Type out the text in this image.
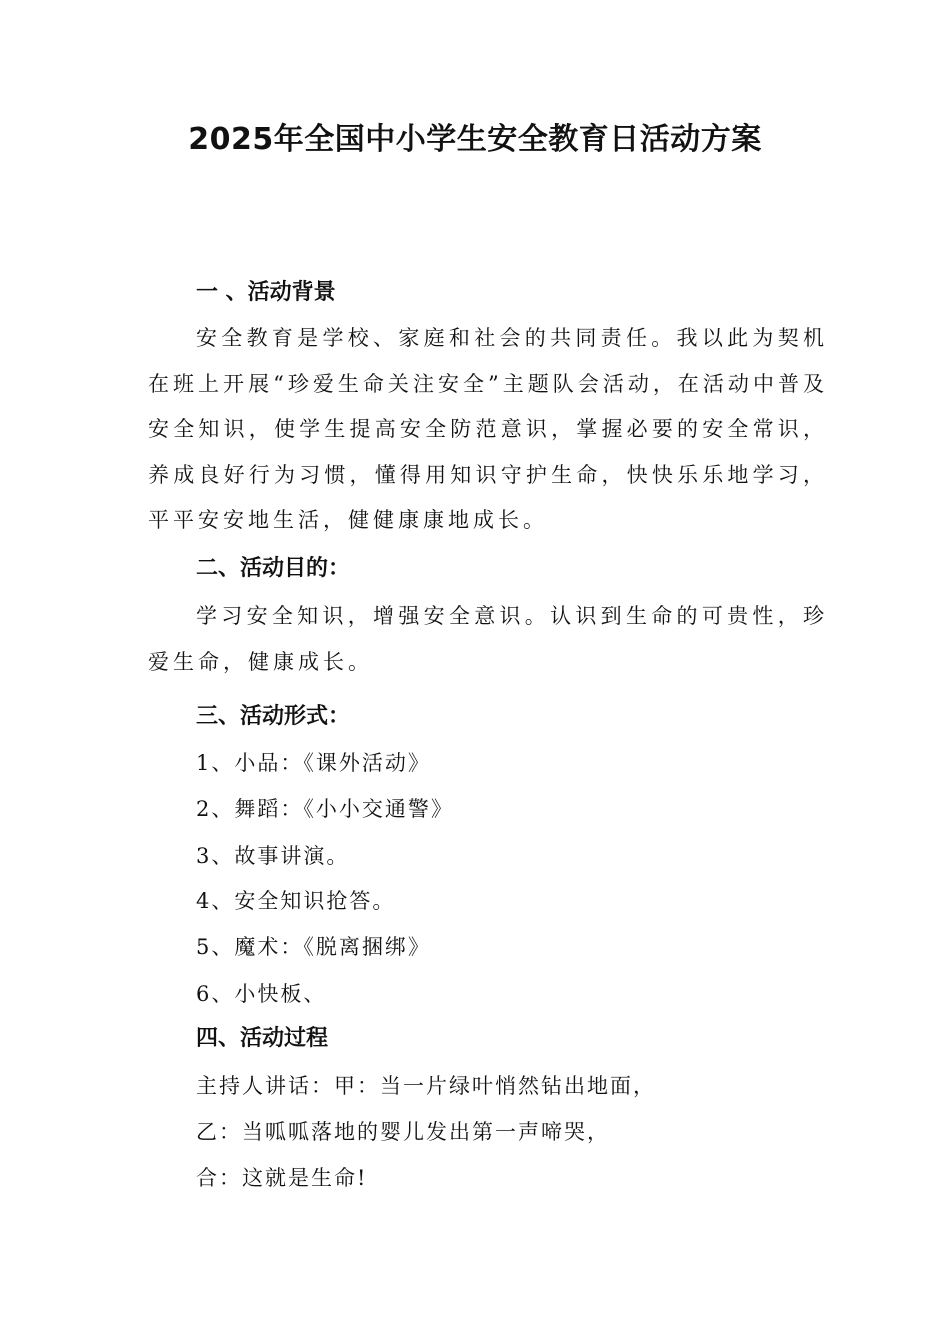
2025年全国中小学生安全教育日活动方案
一 、活动背景
安全教育是学校、家庭和社会的共同责任。我以此为契机在班上开展“珍爱生命关注安全”主题队会活动，在活动中普及安全知识，使学生提高安全防范意识，掌握必要的安全常识，养成良好行为习惯，懂得用知识守护生命，快快乐乐地学习，平平安安地生活，健健康康地成长。
二、活动目的：
学习安全知识，增强安全意识。认识到生命的可贵性，珍爱生命，健康成长。
三、活动形式：
1、小品：《课外活动》
2、舞蹈：《小小交通警》
3、故事讲演。
4、安全知识抢答。
5、魔术：《脱离捆绑》
6、小快板、
四、活动过程
主持人讲话：甲：当一片绿叶悄然钻出地面，
乙：当呱呱落地的婴儿发出第一声啼哭，
合：这就是生命!
